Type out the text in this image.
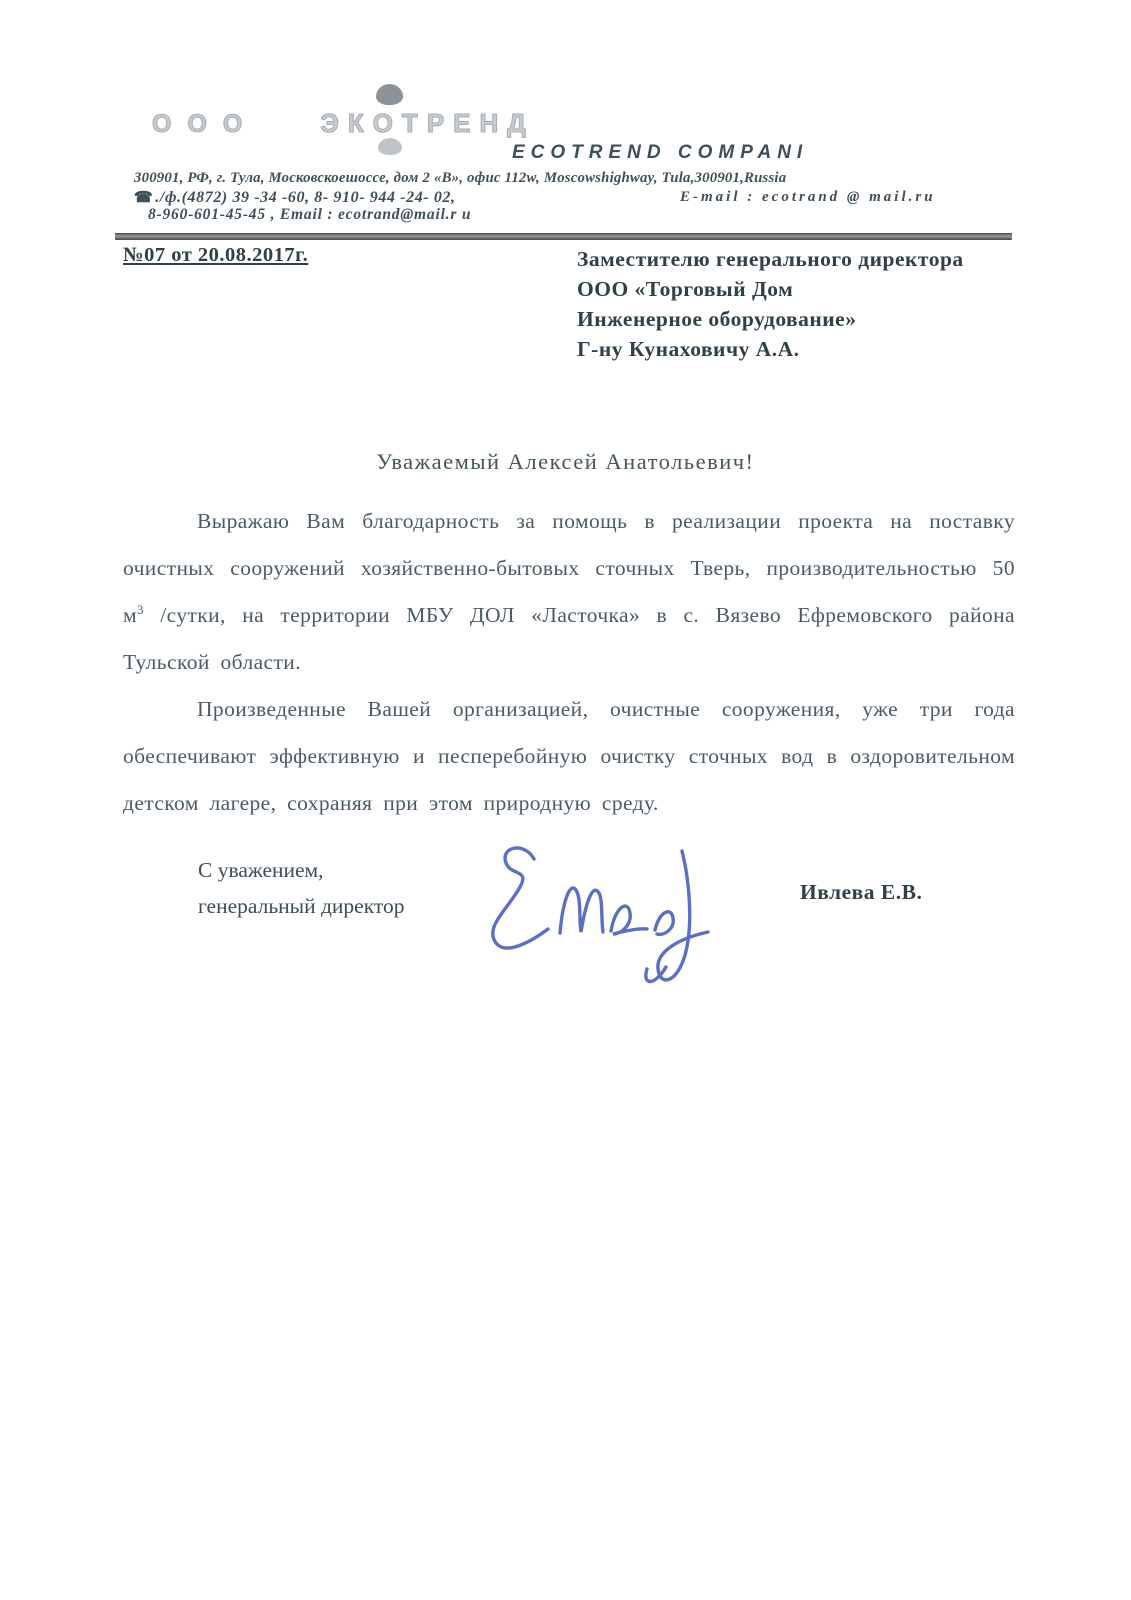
ООО ЭКОТРЕНД
ECOTREND COMPANI
300901, РФ, г. Тула, Московскоешоссе, дом 2 «В», офис 112w, Moscowshighway, Tula,300901,Russia
☎ ./ф.(4872) 39 -34 -60, 8- 910- 944 -24- 02,	E-mail : ecotrand @ mail.ru
8-960-601-45-45 , Email : ecotrand@mail.r u
№07 от 20.08.2017г.	Заместителю генерального директора
ООО «Торговый Дом
Инженерное оборудование»
Г-ну Кунаховичу А.А.
Уважаемый Алексей Анатольевич!

Выражаю Вам благодарность за помощь в реализации проекта на поставку очистных сооружений хозяйственно-бытовых сточных Тверь, производительностью 50 $м^3$ /сутки, на территории МБУ ДОЛ «Ласточка» в с. Вязево Ефремовского района Тульской области.

Произведенные Вашей организацией, очистные сооружения, уже три года обеспечивают эффективную и песперебойную очистку сточных вод в оздоровительном детском лагере, сохраняя при этом природную среду.

С уважением,
генеральный директор
Ивлева Е.В.
